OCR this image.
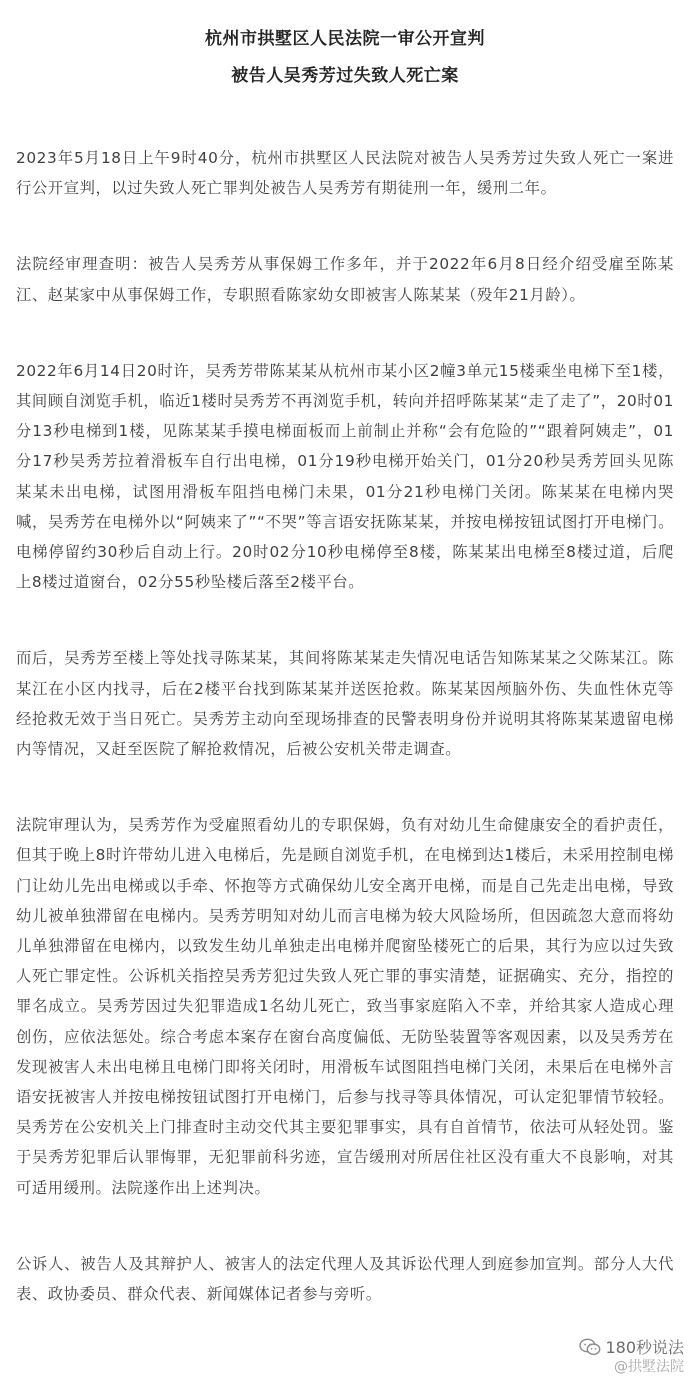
杭州市拱墅区人民法院一审公开宣判
被告人吴秀芳过失致人死亡案

2023年5月18日上午9时40分，杭州市拱墅区人民法院对被告人吴秀芳过失致人死亡一案进行公开宣判，以过失致人死亡罪判处被告人吴秀芳有期徒刑一年，缓刑二年。

法院经审理查明：被告人吴秀芳从事保姆工作多年，并于2022年6月8日经介绍受雇至陈某江、赵某家中从事保姆工作，专职照看陈家幼女即被害人陈某某（殁年21月龄）。

2022年6月14日20时许，吴秀芳带陈某某从杭州市某小区2幢3单元15楼乘坐电梯下至1楼，其间顾自浏览手机，临近1楼时吴秀芳不再浏览手机，转向并招呼陈某某“走了走了”，20时01分13秒电梯到1楼，见陈某某手摸电梯面板而上前制止并称“会有危险的”“跟着阿姨走”，01分17秒吴秀芳拉着滑板车自行出电梯，01分19秒电梯开始关门，01分20秒吴秀芳回头见陈某某未出电梯，试图用滑板车阻挡电梯门未果，01分21秒电梯门关闭。陈某某在电梯内哭喊，吴秀芳在电梯外以“阿姨来了”“不哭”等言语安抚陈某某，并按电梯按钮试图打开电梯门。电梯停留约30秒后自动上行。20时02分10秒电梯停至8楼，陈某某出电梯至8楼过道，后爬上8楼过道窗台，02分55秒坠楼后落至2楼平台。

而后，吴秀芳至楼上等处找寻陈某某，其间将陈某某走失情况电话告知陈某某之父陈某江。陈某江在小区内找寻，后在2楼平台找到陈某某并送医抢救。陈某某因颅脑外伤、失血性休克等经抢救无效于当日死亡。吴秀芳主动向至现场排查的民警表明身份并说明其将陈某某遗留电梯内等情况，又赶至医院了解抢救情况，后被公安机关带走调查。

法院审理认为，吴秀芳作为受雇照看幼儿的专职保姆，负有对幼儿生命健康安全的看护责任，但其于晚上8时许带幼儿进入电梯后，先是顾自浏览手机，在电梯到达1楼后，未采用控制电梯门让幼儿先出电梯或以手牵、怀抱等方式确保幼儿安全离开电梯，而是自己先走出电梯，导致幼儿被单独滞留在电梯内。吴秀芳明知对幼儿而言电梯为较大风险场所，但因疏忽大意而将幼儿单独滞留在电梯内，以致发生幼儿单独走出电梯并爬窗坠楼死亡的后果，其行为应以过失致人死亡罪定性。公诉机关指控吴秀芳犯过失致人死亡罪的事实清楚，证据确实、充分，指控的罪名成立。吴秀芳因过失犯罪造成1名幼儿死亡，致当事家庭陷入不幸，并给其家人造成心理创伤，应依法惩处。综合考虑本案存在窗台高度偏低、无防坠装置等客观因素，以及吴秀芳在发现被害人未出电梯且电梯门即将关闭时，用滑板车试图阻挡电梯门关闭，未果后在电梯外言语安抚被害人并按电梯按钮试图打开电梯门，后参与找寻等具体情况，可认定犯罪情节较轻。吴秀芳在公安机关上门排查时主动交代其主要犯罪事实，具有自首情节，依法可从轻处罚。鉴于吴秀芳犯罪后认罪悔罪，无犯罪前科劣迹，宣告缓刑对所居住社区没有重大不良影响，对其可适用缓刑。法院遂作出上述判决。

公诉人、被告人及其辩护人、被害人的法定代理人及其诉讼代理人到庭参加宣判。部分人大代表、政协委员、群众代表、新闻媒体记者参与旁听。

180秒说法
@拱墅法院
